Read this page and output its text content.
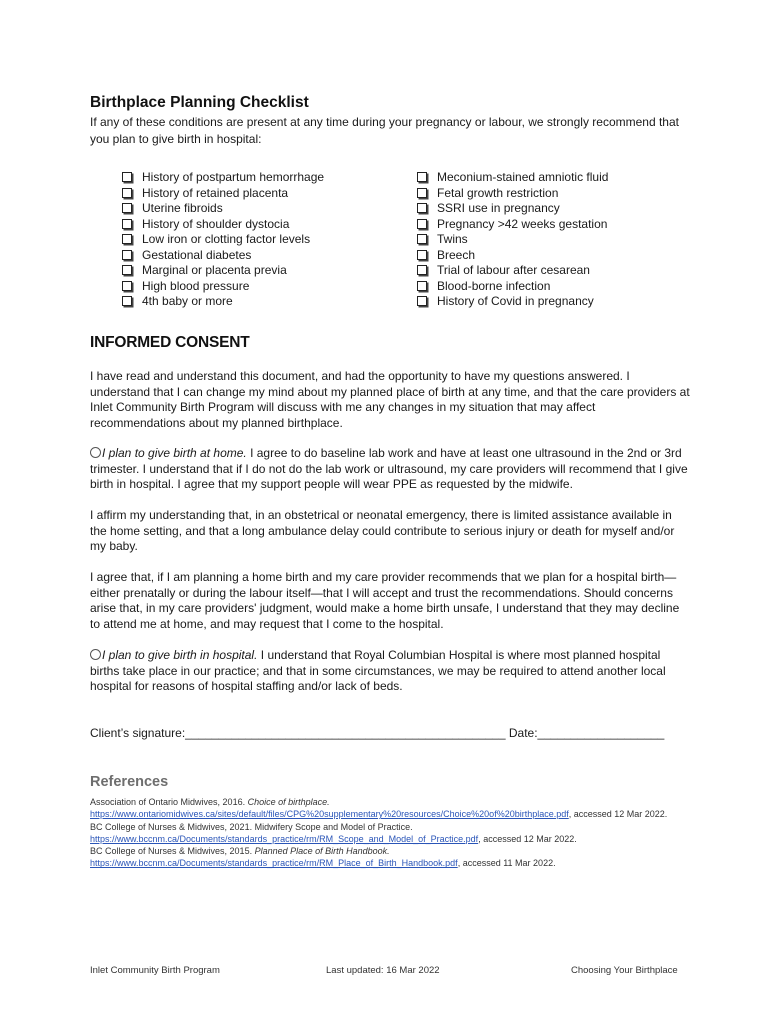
Birthplace Planning Checklist
If any of these conditions are present at any time during your pregnancy or labour, we strongly recommend that you plan to give birth in hospital:
History of postpartum hemorrhage
History of retained placenta
Uterine fibroids
History of shoulder dystocia
Low iron or clotting factor levels
Gestational diabetes
Marginal or placenta previa
High blood pressure
4th baby or more
Meconium-stained amniotic fluid
Fetal growth restriction
SSRI use in pregnancy
Pregnancy >42 weeks gestation
Twins
Breech
Trial of labour after cesarean
Blood-borne infection
History of Covid in pregnancy
INFORMED CONSENT

I have read and understand this document, and had the opportunity to have my questions answered. I understand that I can change my mind about my planned place of birth at any time, and that the care providers at Inlet Community Birth Program will discuss with me any changes in my situation that may affect recommendations about my planned birthplace.

I plan to give birth at home. I agree to do baseline lab work and have at least one ultrasound in the 2nd or 3rd trimester. I understand that if I do not do the lab work or ultrasound, my care providers will recommend that I give birth in hospital. I agree that my support people will wear PPE as requested by the midwife.

I affirm my understanding that, in an obstetrical or neonatal emergency, there is limited assistance available in the home setting, and that a long ambulance delay could contribute to serious injury or death for myself and/or my baby.

I agree that, if I am planning a home birth and my care provider recommends that we plan for a hospital birth—either prenatally or during the labour itself—that I will accept and trust the recommendations. Should concerns arise that, in my care providers' judgment, would make a home birth unsafe, I understand that they may decline to attend me at home, and may request that I come to the hospital.

I plan to give birth in hospital. I understand that Royal Columbian Hospital is where most planned hospital births take place in our practice; and that in some circumstances, we may be required to attend another local hospital for reasons of hospital staffing and/or lack of beds.

Client’s signature:________________________________________________ Date:___________________
References

Association of Ontario Midwives, 2016. Choice of birthplace.
https://www.ontariomidwives.ca/sites/default/files/CPG%20supplementary%20resources/Choice%20of%20birthplace.pdf, accessed 12 Mar 2022.

BC College of Nurses & Midwives, 2021. Midwifery Scope and Model of Practice.
https://www.bccnm.ca/Documents/standards_practice/rm/RM_Scope_and_Model_of_Practice.pdf, accessed 12 Mar 2022.

BC College of Nurses & Midwives, 2015. Planned Place of Birth Handbook.
https://www.bccnm.ca/Documents/standards_practice/rm/RM_Place_of_Birth_Handbook.pdf, accessed 11 Mar 2022.

Inlet Community Birth Program	Last updated: 16 Mar 2022	Choosing Your Birthplace
